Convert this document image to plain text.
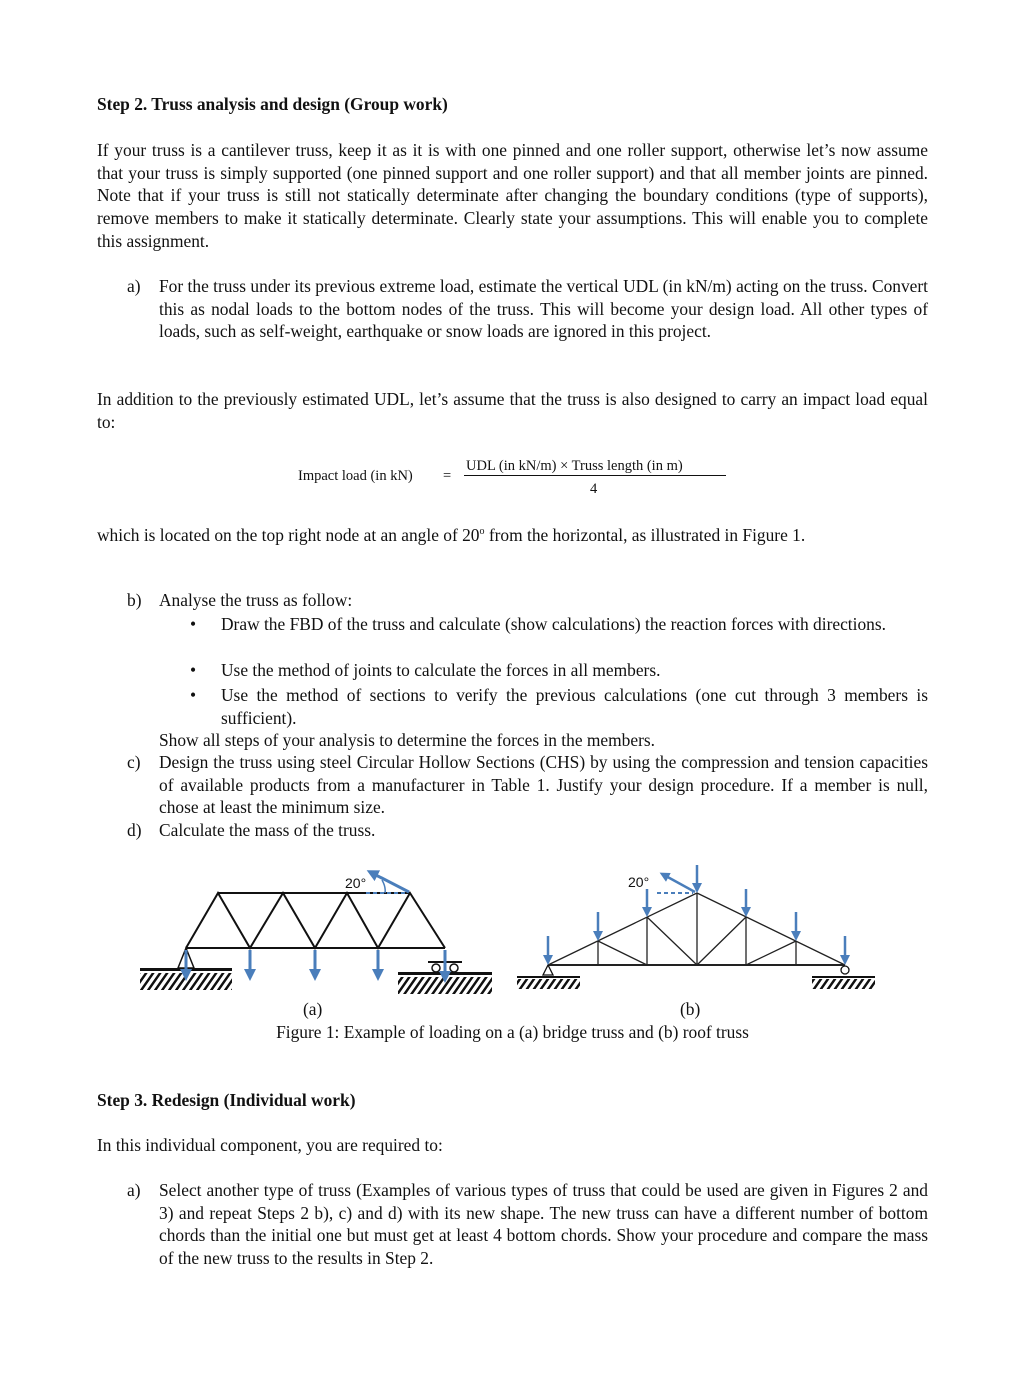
Step 2. Truss analysis and design (Group work)
If your truss is a cantilever truss, keep it as it is with one pinned and one roller support, otherwise let’s now assume that your truss is simply supported (one pinned support and one roller support) and that all member joints are pinned. Note that if your truss is still not statically determinate after changing the boundary conditions (type of supports), remove members to make it statically determinate. Clearly state your assumptions. This will enable you to complete this assignment.
a) For the truss under its previous extreme load, estimate the vertical UDL (in kN/m) acting on the truss. Convert this as nodal loads to the bottom nodes of the truss. This will become your design load. All other types of loads, such as self-weight, earthquake or snow loads are ignored in this project.
In addition to the previously estimated UDL, let’s assume that the truss is also designed to carry an impact load equal to:
Impact load (in kN) =
UDL (in kN/m) × Truss length (in m)
4
which is located on the top right node at an angle of 20$^o$ from the horizontal, as illustrated in Figure 1.
b) Analyse the truss as follow:
• Draw the FBD of the truss and calculate (show calculations) the reaction forces with directions.
• Use the method of joints to calculate the forces in all members.
• Use the method of sections to verify the previous calculations (one cut through 3 members is sufficient).
Show all steps of your analysis to determine the forces in the members.
c) Design the truss using steel Circular Hollow Sections (CHS) by using the compression and tension capacities of available products from a manufacturer in Table 1. Justify your design procedure. If a member is null, chose at least the minimum size.
d) Calculate the mass of the truss.
20°	20°
(a)	(b)
Figure 1: Example of loading on a (a) bridge truss and (b) roof truss
Step 3. Redesign (Individual work)
In this individual component, you are required to:
a) Select another type of truss (Examples of various types of truss that could be used are given in Figures 2 and 3) and repeat Steps 2 b), c) and d) with its new shape. The new truss can have a different number of bottom chords than the initial one but must get at least 4 bottom chords. Show your procedure and compare the mass of the new truss to the results in Step 2.
